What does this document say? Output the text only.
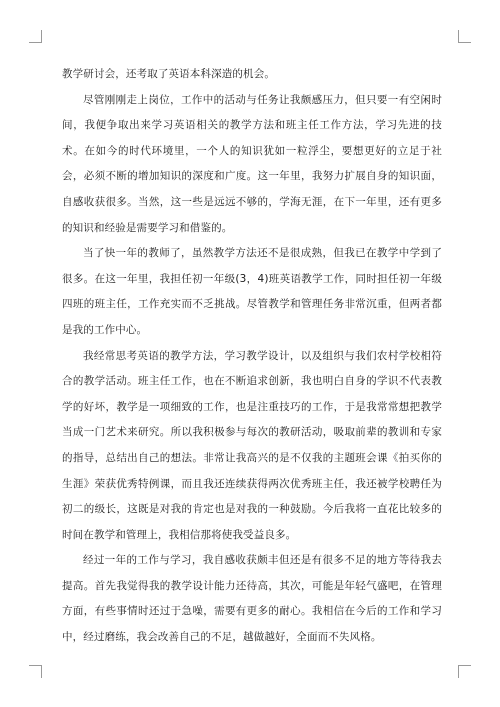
教学研讨会，还考取了英语本科深造的机会。

尽管刚刚走上岗位，工作中的活动与任务让我颇感压力，但只要一有空闲时间，我便争取出来学习英语相关的教学方法和班主任工作方法，学习先进的技术。在如今的时代环境里，一个人的知识犹如一粒浮尘，要想更好的立足于社会，必须不断的增加知识的深度和广度。这一年里，我努力扩展自身的知识面，自感收获很多。当然，这一些是远远不够的，学海无涯，在下一年里，还有更多的知识和经验是需要学习和借鉴的。

当了快一年的教师了，虽然教学方法还不是很成熟，但我已在教学中学到了很多。在这一年里，我担任初一年级(3，4)班英语教学工作，同时担任初一年级四班的班主任，工作充实而不乏挑战。尽管教学和管理任务非常沉重，但两者都是我的工作中心。

我经常思考英语的教学方法，学习教学设计，以及组织与我们农村学校相符合的教学活动。班主任工作，也在不断追求创新，我也明白自身的学识不代表教学的好坏，教学是一项细致的工作，也是注重技巧的工作，于是我常常想把教学当成一门艺术来研究。所以我积极参与每次的教研活动，吸取前辈的教训和专家的指导，总结出自己的想法。非常让我高兴的是不仅我的主题班会课《拍买你的生涯》荣获优秀特例课，而且我还连续获得两次优秀班主任，我还被学校聘任为初二的级长，这既是对我的肯定也是对我的一种鼓励。今后我将一直花比较多的时间在教学和管理上，我相信那将使我受益良多。

经过一年的工作与学习，我自感收获颇丰但还是有很多不足的地方等待我去提高。首先我觉得我的教学设计能力还待高，其次，可能是年轻气盛吧，在管理方面，有些事情时还过于急噪，需要有更多的耐心。我相信在今后的工作和学习中，经过磨练，我会改善自己的不足，越做越好，全面而不失风格。
